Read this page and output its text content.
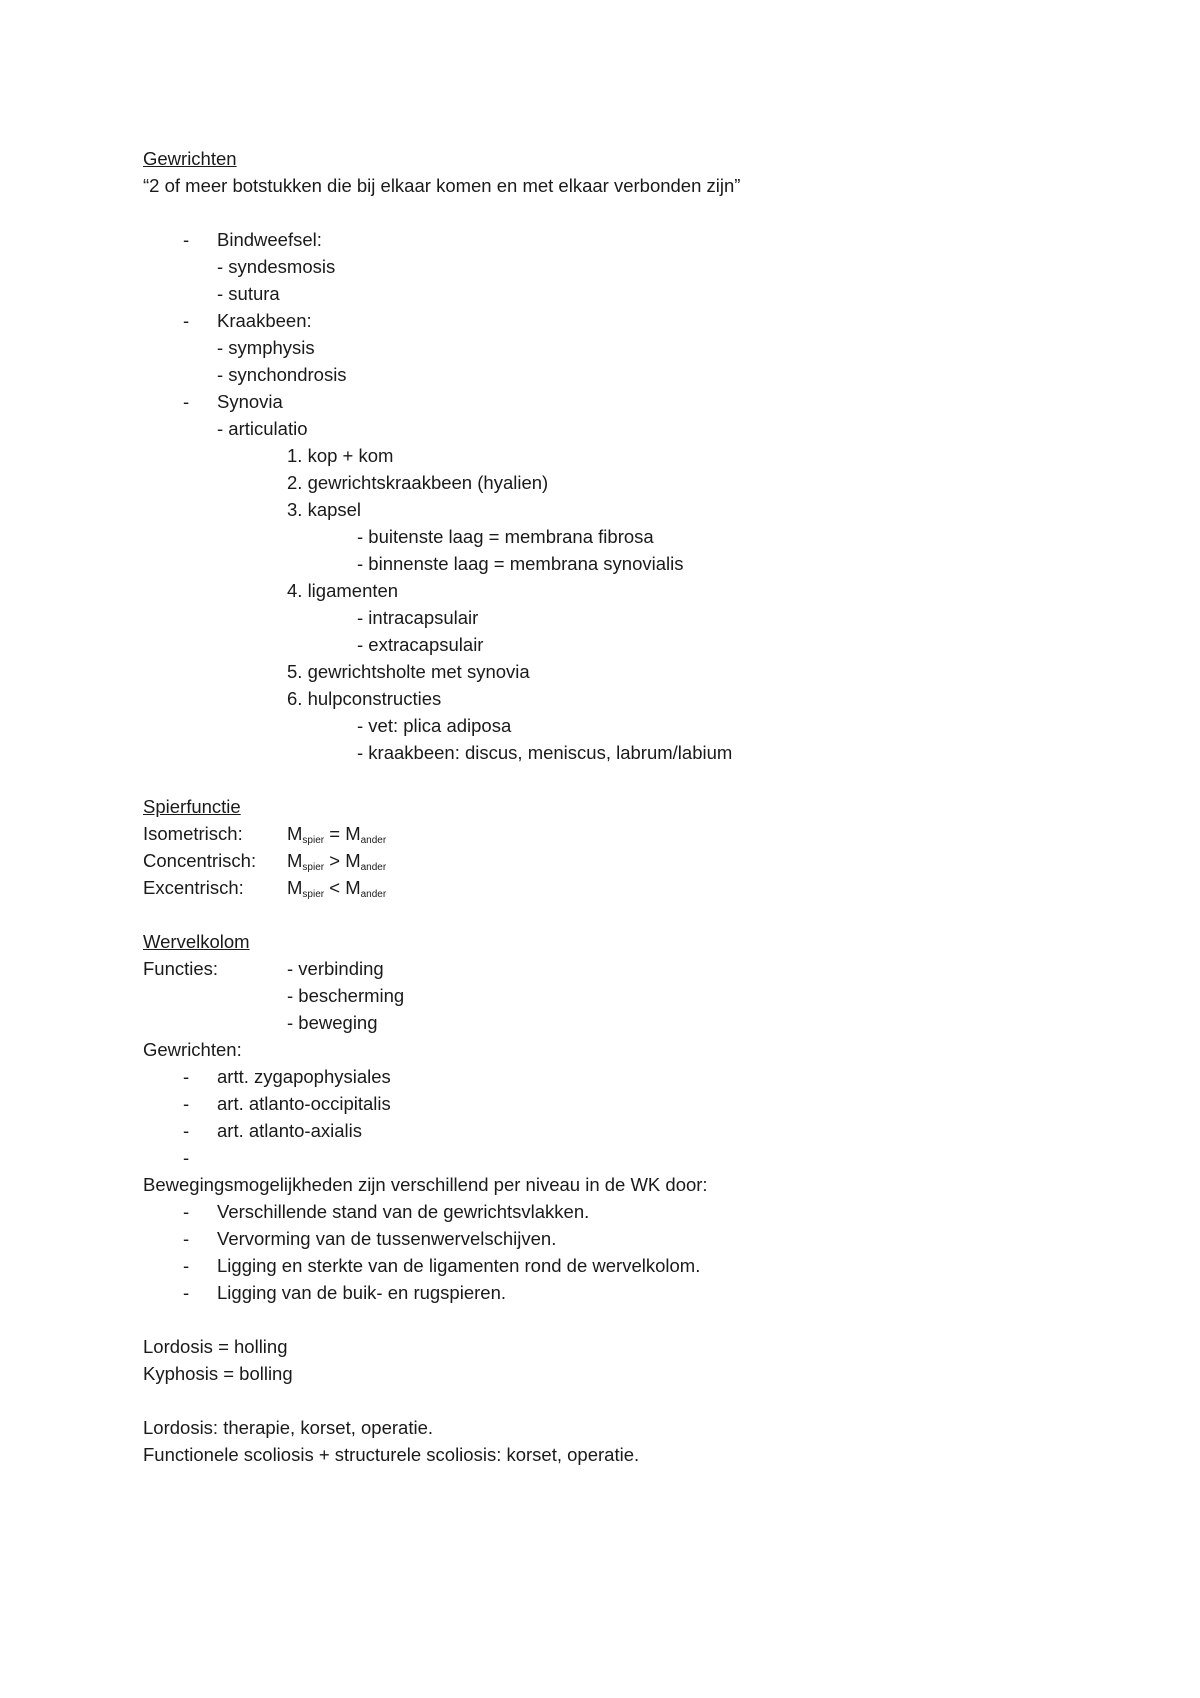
Gewrichten
“2 of meer botstukken die bij elkaar komen en met elkaar verbonden zijn”
- Bindweefsel:
- syndesmosis
- sutura
- Kraakbeen:
- symphysis
- synchondrosis
- Synovia
- articulatio
1. kop + kom
2. gewrichtskraakbeen (hyalien)
3. kapsel
- buitenste laag = membrana fibrosa
- binnenste laag = membrana synovialis
4. ligamenten
- intracapsulair
- extracapsulair
5. gewrichtsholte met synovia
6. hulpconstructies
- vet: plica adiposa
- kraakbeen: discus, meniscus, labrum/labium
Spierfunctie
Isometrisch: $M_{spier} = M_{ander}$
Concentrisch: $M_{spier} > M_{ander}$
Excentrisch: $M_{spier} < M_{ander}$
Wervelkolom
Functies:	- verbinding
- bescherming
- beweging
Gewrichten:
- artt. zygapophysiales
- art. atlanto-occipitalis
- art. atlanto-axialis
-
Bewegingsmogelijkheden zijn verschillend per niveau in de WK door:
- Verschillende stand van de gewrichtsvlakken.
- Vervorming van de tussenwervelschijven.
- Ligging en sterkte van de ligamenten rond de wervelkolom.
- Ligging van de buik- en rugspieren.
Lordosis = holling
Kyphosis = bolling
Lordosis: therapie, korset, operatie.
Functionele scoliosis + structurele scoliosis: korset, operatie.
